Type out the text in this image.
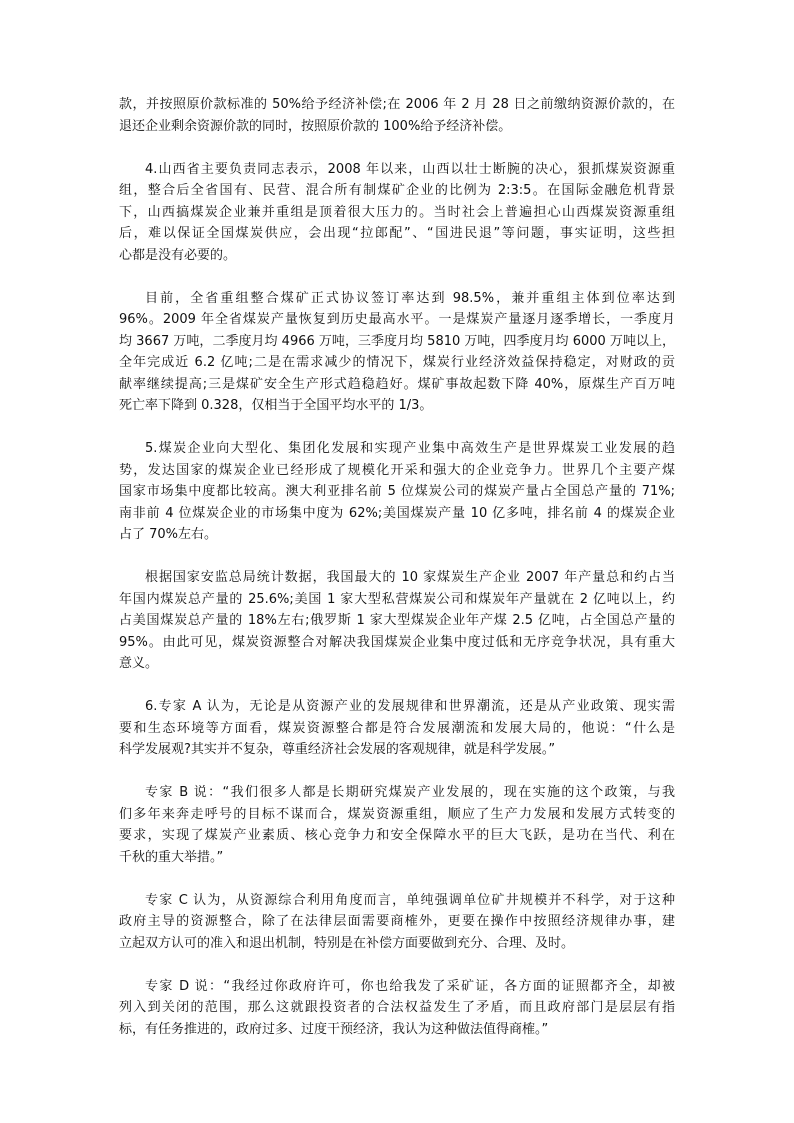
款，并按照原价款标准的 50%给予经济补偿;在 2006 年 2 月 28 日之前缴纳资源价款的，在
退还企业剩余资源价款的同时，按照原价款的 100%给予经济补偿。
4.山西省主要负责同志表示，2008 年以来，山西以壮士断腕的决心，狠抓煤炭资源重
组，整合后全省国有、民营、混合所有制煤矿企业的比例为 2:3:5。在国际金融危机背景
下，山西搞煤炭企业兼并重组是顶着很大压力的。当时社会上普遍担心山西煤炭资源重组
后，难以保证全国煤炭供应，会出现“拉郎配”、“国进民退”等问题，事实证明，这些担
心都是没有必要的。
目前，全省重组整合煤矿正式协议签订率达到 98.5%，兼并重组主体到位率达到
96%。2009 年全省煤炭产量恢复到历史最高水平。一是煤炭产量逐月逐季增长，一季度月
均 3667 万吨，二季度月均 4966 万吨，三季度月均 5810 万吨，四季度月均 6000 万吨以上，
全年完成近 6.2 亿吨;二是在需求减少的情况下，煤炭行业经济效益保持稳定，对财政的贡
献率继续提高;三是煤矿安全生产形式趋稳趋好。煤矿事故起数下降 40%，原煤生产百万吨
死亡率下降到 0.328，仅相当于全国平均水平的 1/3。
5.煤炭企业向大型化、集团化发展和实现产业集中高效生产是世界煤炭工业发展的趋
势，发达国家的煤炭企业已经形成了规模化开采和强大的企业竞争力。世界几个主要产煤
国家市场集中度都比较高。澳大利亚排名前 5 位煤炭公司的煤炭产量占全国总产量的 71%;
南非前 4 位煤炭企业的市场集中度为 62%;美国煤炭产量 10 亿多吨，排名前 4 的煤炭企业
占了 70%左右。
根据国家安监总局统计数据，我国最大的 10 家煤炭生产企业 2007 年产量总和约占当
年国内煤炭总产量的 25.6%;美国 1 家大型私营煤炭公司和煤炭年产量就在 2 亿吨以上，约
占美国煤炭总产量的 18%左右;俄罗斯 1 家大型煤炭企业年产煤 2.5 亿吨，占全国总产量的
95%。由此可见，煤炭资源整合对解决我国煤炭企业集中度过低和无序竞争状况，具有重大
意义。
6.专家 A 认为，无论是从资源产业的发展规律和世界潮流，还是从产业政策、现实需
要和生态环境等方面看，煤炭资源整合都是符合发展潮流和发展大局的，他说：“什么是
科学发展观?其实并不复杂，尊重经济社会发展的客观规律，就是科学发展。”
专家 B 说：“我们很多人都是长期研究煤炭产业发展的，现在实施的这个政策，与我
们多年来奔走呼号的目标不谋而合，煤炭资源重组，顺应了生产力发展和发展方式转变的
要求，实现了煤炭产业素质、核心竞争力和安全保障水平的巨大飞跃，是功在当代、利在
千秋的重大举措。”
专家 C 认为，从资源综合利用角度而言，单纯强调单位矿井规模并不科学，对于这种
政府主导的资源整合，除了在法律层面需要商榷外，更要在操作中按照经济规律办事，建
立起双方认可的准入和退出机制，特别是在补偿方面要做到充分、合理、及时。
专家 D 说：“我经过你政府许可，你也给我发了采矿证，各方面的证照都齐全，却被
列入到关闭的范围，那么这就跟投资者的合法权益发生了矛盾，而且政府部门是层层有指
标，有任务推进的，政府过多、过度干预经济，我认为这种做法值得商榷。”
